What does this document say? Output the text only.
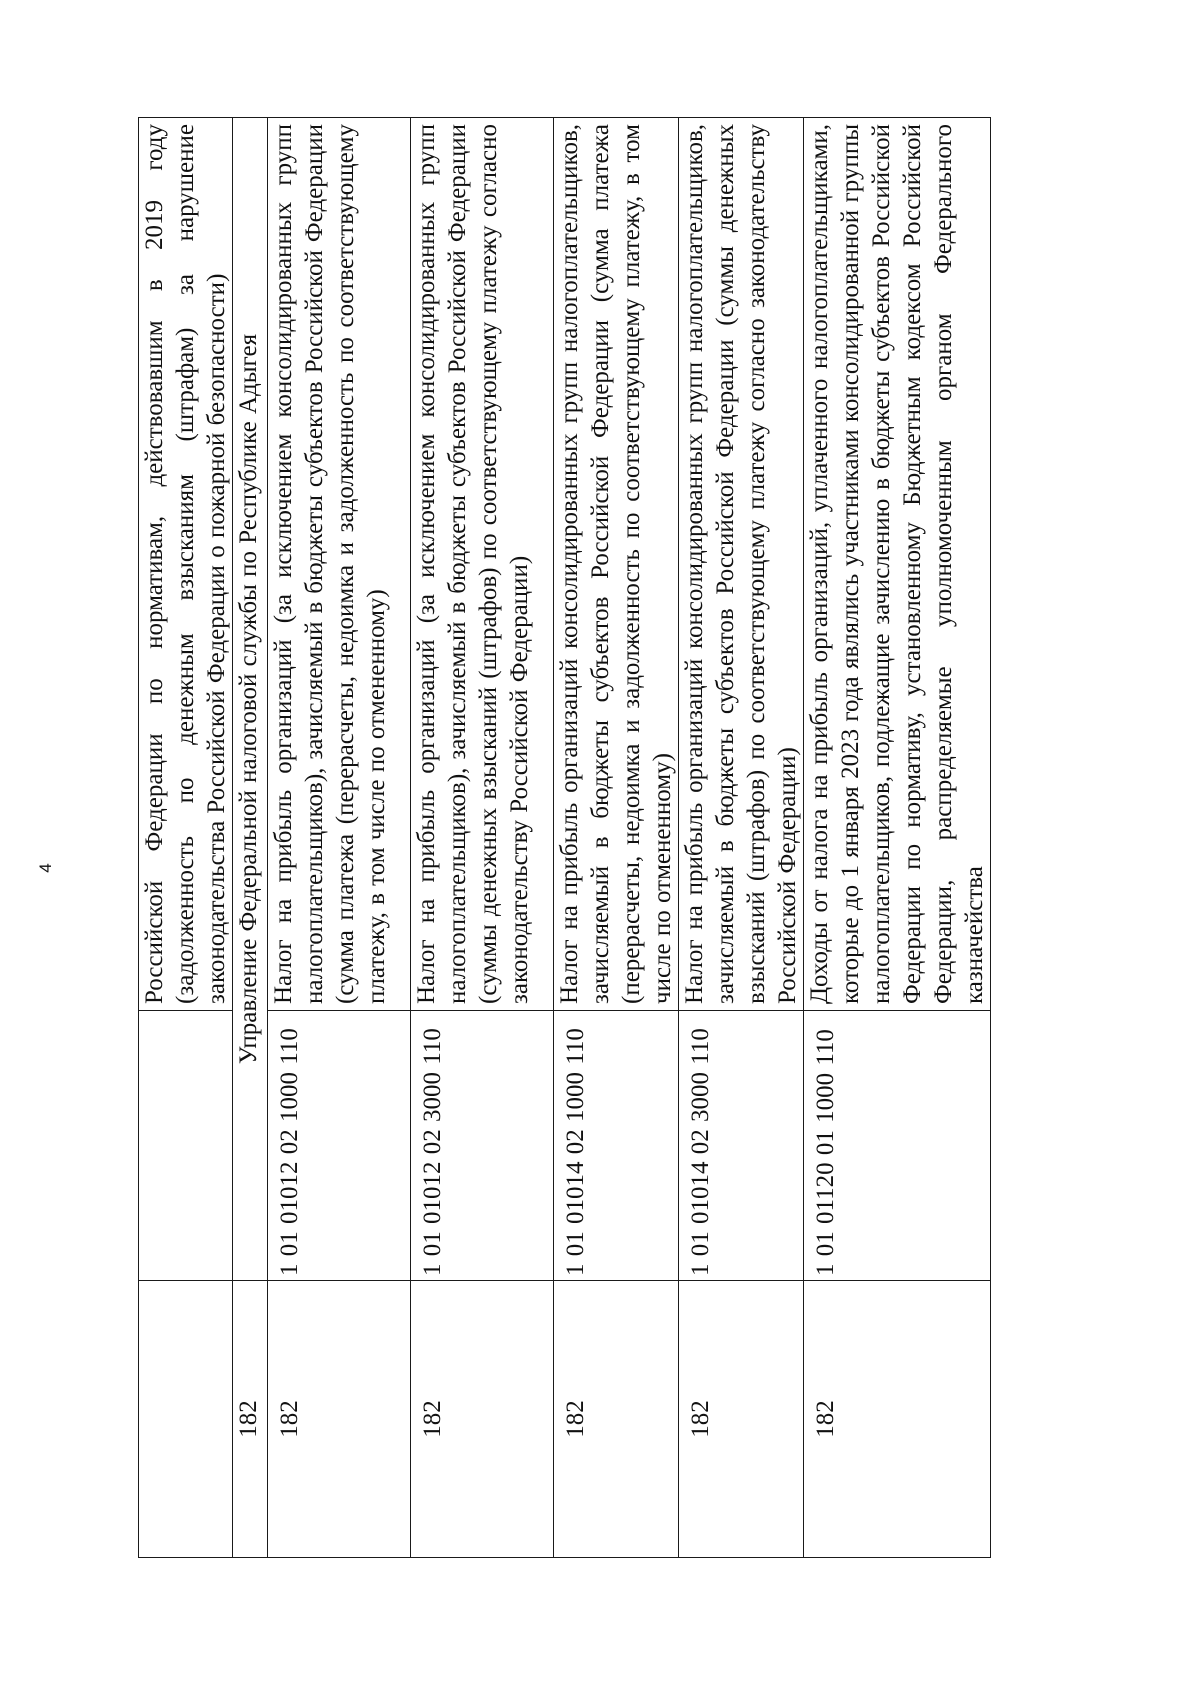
4
			Российской Федерации по нормативам, действовавшим в 2019 году (задолженность по денежным взысканиям (штрафам) за нарушение законодательства Российской Федерации о пожарной безопасности)
182	Управление Федеральной налоговой службы по Республике Адыгея	
182	1 01 01012 02 1000 110	Налог на прибыль организаций (за исключением консолидированных групп налогоплательщиков), зачисляемый в бюджеты субъектов Российской Федерации (сумма платежа (перерасчеты, недоимка и задолженность по соответствующему платежу, в том числе по отмененному)
182	1 01 01012 02 3000 110	Налог на прибыль организаций (за исключением консолидированных групп налогоплательщиков), зачисляемый в бюджеты субъектов Российской Федерации (суммы денежных взысканий (штрафов) по соответствующему платежу согласно законодательству Российской Федерации)
182	1 01 01014 02 1000 110	Налог на прибыль организаций консолидированных групп налогоплательщиков, зачисляемый в бюджеты субъектов Российской Федерации (сумма платежа (перерасчеты, недоимка и задолженность по соответствующему платежу, в том числе по отмененному)
182	1 01 01014 02 3000 110	Налог на прибыль организаций консолидированных групп налогоплательщиков, зачисляемый в бюджеты субъектов Российской Федерации (суммы денежных взысканий (штрафов) по соответствующему платежу согласно законодательству Российской Федерации)
182	1 01 01120 01 1000 110	Доходы от налога на прибыль организаций, уплаченного налогоплательщиками, которые до 1 января 2023 года являлись участниками консолидированной группы налогоплательщиков, подлежащие зачислению в бюджеты субъектов Российской Федерации по нормативу, установленному Бюджетным кодексом Российской Федерации, распределяемые уполномоченным органом Федерального казначейства
